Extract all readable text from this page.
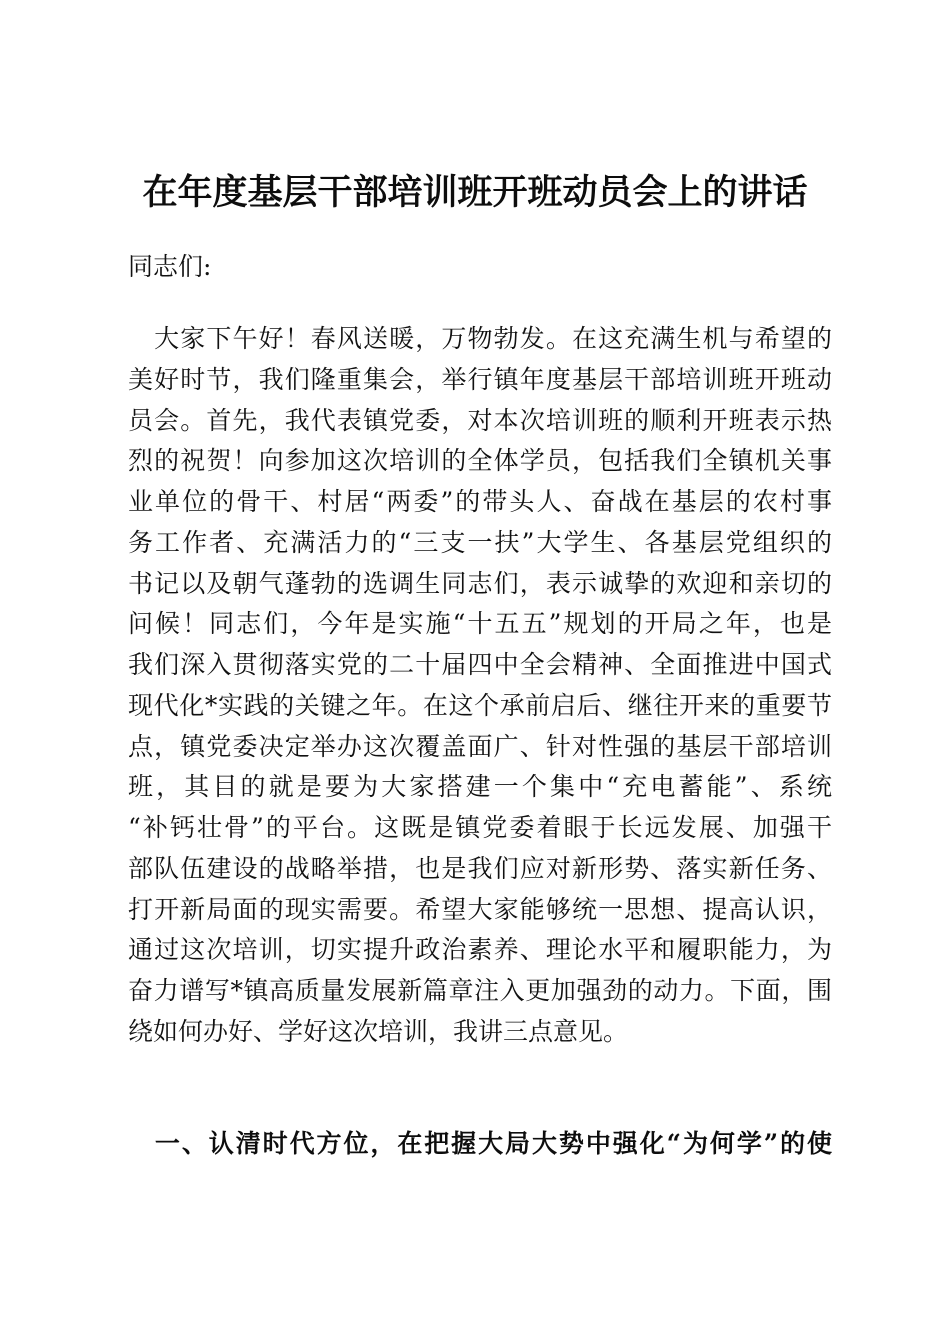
在年度基层干部培训班开班动员会上的讲话
同志们:
　大家下午好！春风送暖，万物勃发。在这充满生机与希望的
美好时节，我们隆重集会，举行镇年度基层干部培训班开班动
员会。首先，我代表镇党委，对本次培训班的顺利开班表示热
烈的祝贺！向参加这次培训的全体学员，包括我们全镇机关事
业单位的骨干、村居“两委”的带头人、奋战在基层的农村事
务工作者、充满活力的“三支一扶”大学生、各基层党组织的
书记以及朝气蓬勃的选调生同志们，表示诚挚的欢迎和亲切的
问候！同志们，今年是实施“十五五”规划的开局之年，也是
我们深入贯彻落实党的二十届四中全会精神、全面推进中国式
现代化*实践的关键之年。在这个承前启后、继往开来的重要节
点，镇党委决定举办这次覆盖面广、针对性强的基层干部培训
班，其目的就是要为大家搭建一个集中“充电蓄能”、系统
“补钙壮骨”的平台。这既是镇党委着眼于长远发展、加强干
部队伍建设的战略举措，也是我们应对新形势、落实新任务、
打开新局面的现实需要。希望大家能够统一思想、提高认识，
通过这次培训，切实提升政治素养、理论水平和履职能力，为
奋力谱写*镇高质量发展新篇章注入更加强劲的动力。下面，围
绕如何办好、学好这次培训，我讲三点意见。
　一、认清时代方位，在把握大局大势中强化“为何学”的使
